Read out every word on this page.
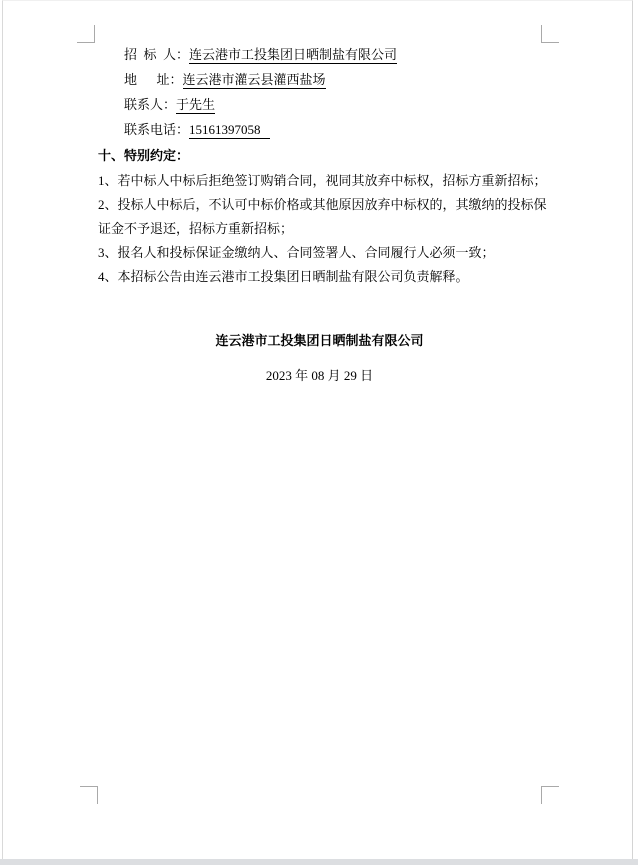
招  标  人：连云港市工投集团日晒制盐有限公司
地      址：连云港市灌云县灌西盐场
联系人：于先生
联系电话：15161397058
十、特别约定：
1、若中标人中标后拒绝签订购销合同，视同其放弃中标权，招标方重新招标；
2、投标人中标后，不认可中标价格或其他原因放弃中标权的，其缴纳的投标保
证金不予退还，招标方重新招标；
3、报名人和投标保证金缴纳人、合同签署人、合同履行人必须一致；
4、本招标公告由连云港市工投集团日晒制盐有限公司负责解释。
连云港市工投集团日晒制盐有限公司
2023 年 08 月 29 日
